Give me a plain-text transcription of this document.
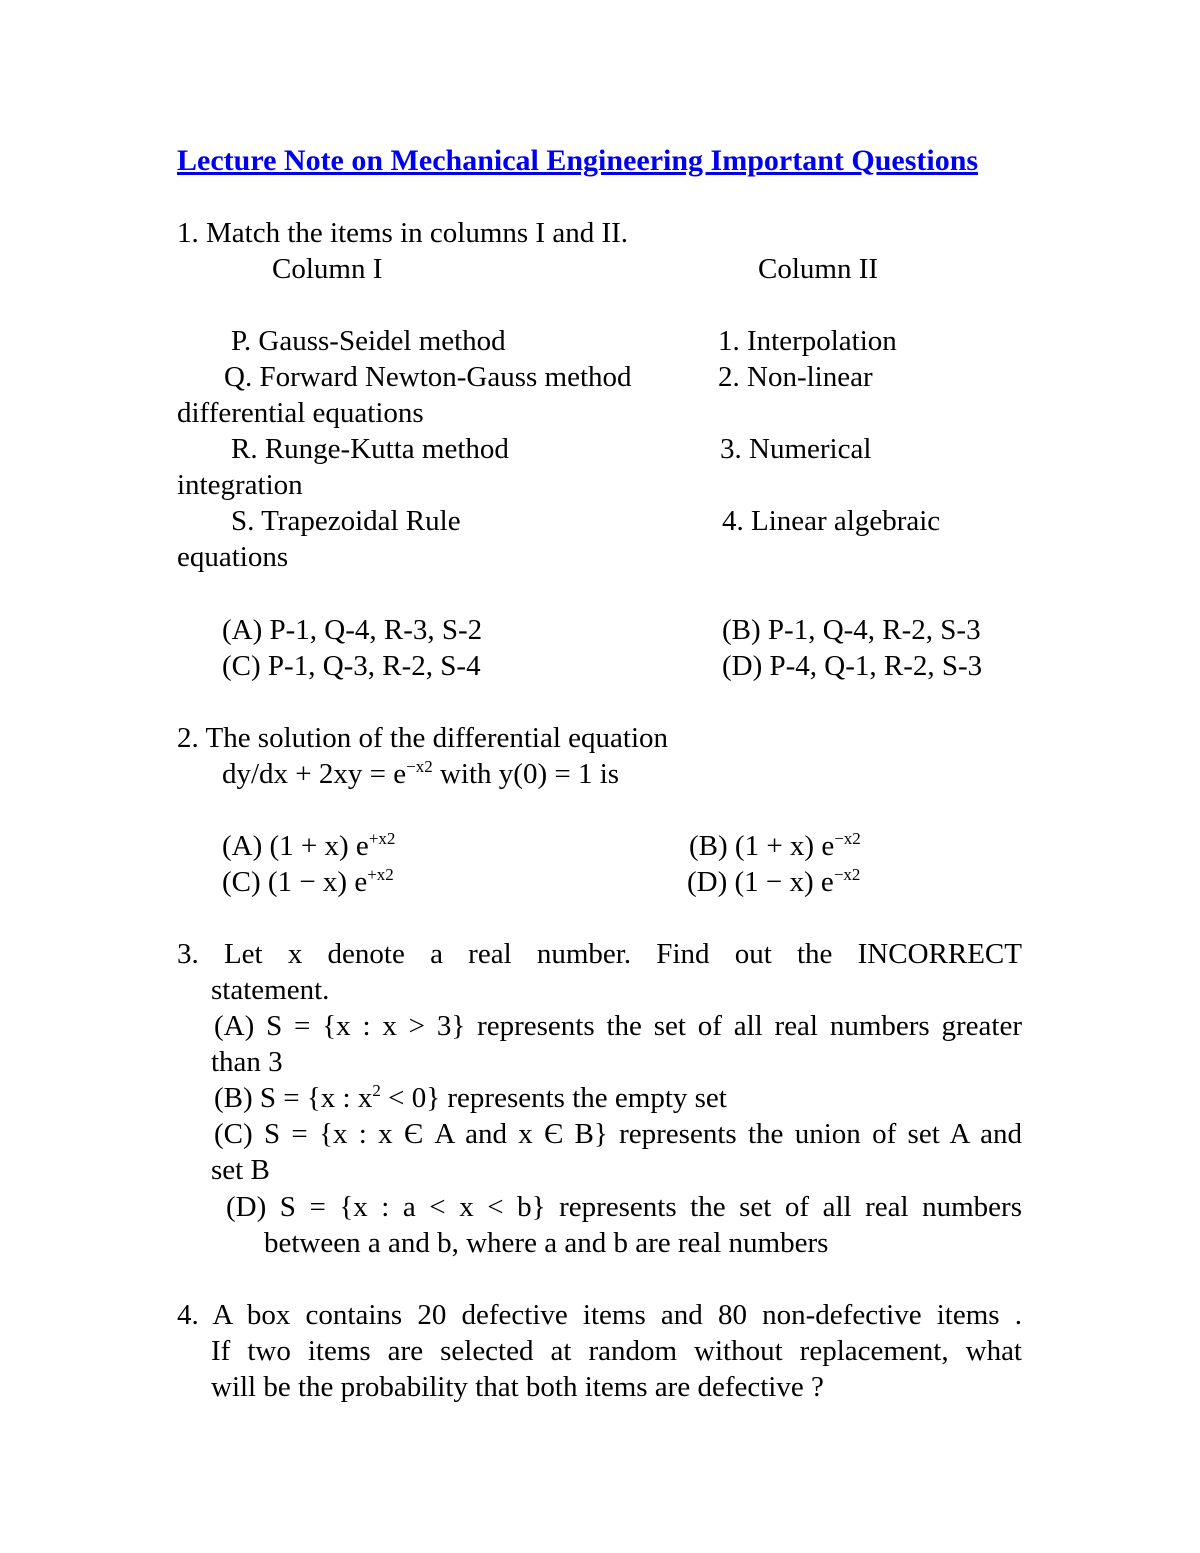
Lecture Note on Mechanical Engineering Important Questions
1. Match the items in columns I and II.
Column I	Column II
P. Gauss-Seidel method	1. Interpolation
Q. Forward Newton-Gauss method	2. Non-linear
differential equations
R. Runge-Kutta method	3. Numerical
integration
S. Trapezoidal Rule	4. Linear algebraic
equations
(A) P-1, Q-4, R-3, S-2	(B) P-1, Q-4, R-2, S-3
(C) P-1, Q-3, R-2, S-4	(D) P-4, Q-1, R-2, S-3
2. The solution of the differential equation
$dy/dx + 2xy = e^{-x2}$ with y(0) = 1 is
(A) (1 + x) $e^{+x2}$	(B) (1 + x) $e^{-x2}$
(C) (1 − x) $e^{+x2}$	(D) (1 − x) $e^{-x2}$
3. Let x denote a real number. Find out the INCORRECT
statement.
(A) S = {x : x > 3} represents the set of all real numbers greater
than 3
(B) S = {x : $x^2 < 0$} represents the empty set
(C) S = {x : x Є A and x Є B} represents the union of set A and
set B
(D) S = {x : a < x < b} represents the set of all real numbers
between a and b, where a and b are real numbers
4. A box contains 20 defective items and 80 non-defective items .
If two items are selected at random without replacement, what
will be the probability that both items are defective ?
